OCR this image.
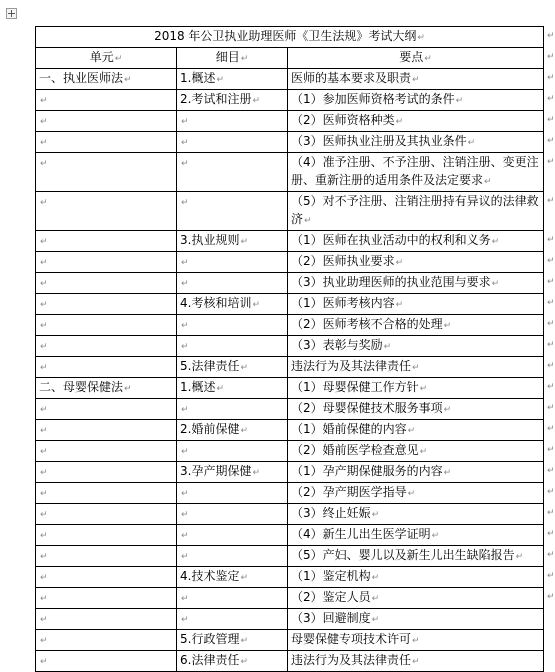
2018 年公卫执业助理医师《卫生法规》考试大纲↵		
单元↵	细目↵	要点↵
一、执业医师法↵	1.概述↵	医师的基本要求及职责↵
↵	2.考试和注册↵	（1）参加医师资格考试的条件↵
↵	↵	（2）医师资格种类↵
↵	↵	（3）医师执业注册及其执业条件↵
↵	↵	（4）准予注册、不予注册、注销注册、变更注册、重新注册的适用条件及法定要求↵
↵	↵	（5）对不予注册、注销注册持有异议的法律救济↵
↵	3.执业规则↵	（1）医师在执业活动中的权利和义务↵
↵	↵	（2）医师执业要求↵
↵	↵	（3）执业助理医师的执业范围与要求↵
↵	4.考核和培训↵	（1）医师考核内容↵
↵	↵	（2）医师考核不合格的处理↵
↵	↵	（3）表彰与奖励↵
↵	5.法律责任↵	违法行为及其法律责任↵
二、母婴保健法↵	1.概述↵	（1）母婴保健工作方针↵
↵	↵	（2）母婴保健技术服务事项↵
↵	2.婚前保健↵	（1）婚前保健的内容↵
↵	↵	（2）婚前医学检查意见↵
↵	3.孕产期保健↵	（1）孕产期保健服务的内容↵
↵	↵	（2）孕产期医学指导↵
↵	↵	（3）终止妊娠↵
↵	↵	（4）新生儿出生医学证明↵
↵	↵	（5）产妇、婴儿以及新生儿出生缺陷报告↵
↵	4.技术鉴定↵	（1）鉴定机构↵
↵	↵	（2）鉴定人员↵
↵	↵	（3）回避制度↵
↵	5.行政管理↵	母婴保健专项技术许可↵
↵	6.法律责任↵	违法行为及其法律责任↵
↵
↵
↵
↵
↵
↵
↵
↵
↵
↵
↵
↵
↵
↵
↵
↵
↵
↵
↵
↵
↵
↵
↵
↵
↵
↵
